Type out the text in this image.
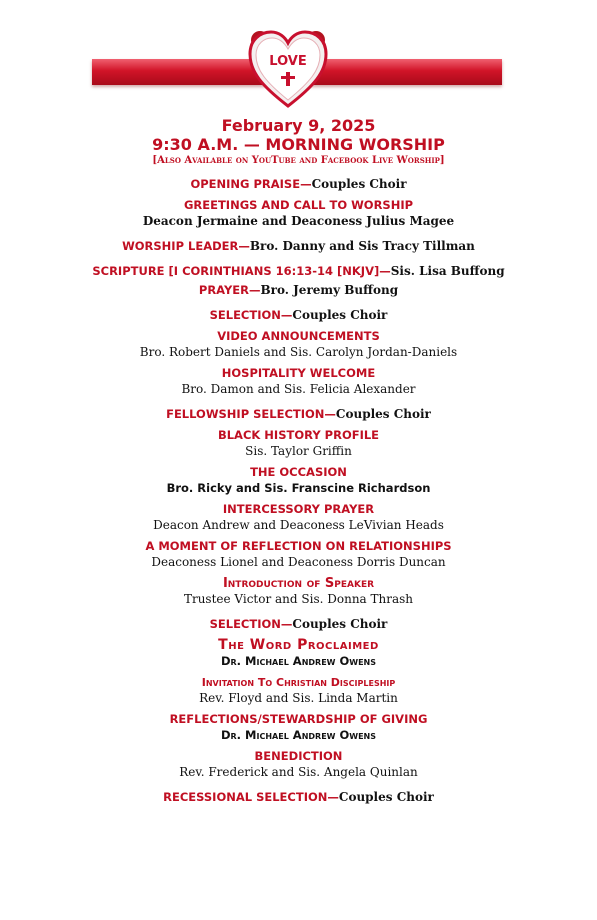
LOVE
February 9, 2025
9:30 A.M. — MORNING WORSHIP
[Also Available on YouTube and Facebook Live Worship]
OPENING PRAISE—Couples Choir
GREETINGS AND CALL TO WORSHIP
Deacon Jermaine and Deaconess Julius Magee
WORSHIP LEADER—Bro. Danny and Sis Tracy Tillman
SCRIPTURE [I CORINTHIANS 16:13-14 [NKJV]—Sis. Lisa Buffong
PRAYER—Bro. Jeremy Buffong
SELECTION—Couples Choir
VIDEO ANNOUNCEMENTS
Bro. Robert Daniels and Sis. Carolyn Jordan-Daniels
HOSPITALITY WELCOME
Bro. Damon and Sis. Felicia Alexander
FELLOWSHIP SELECTION—Couples Choir
BLACK HISTORY PROFILE
Sis. Taylor Griffin
THE OCCASION
Bro. Ricky and Sis. Franscine Richardson
INTERCESSORY PRAYER
Deacon Andrew and Deaconess LeVivian Heads
A MOMENT OF REFLECTION ON RELATIONSHIPS
Deaconess Lionel and Deaconess Dorris Duncan
Introduction of Speaker
Trustee Victor and Sis. Donna Thrash
SELECTION—Couples Choir
The Word Proclaimed
Dr. Michael Andrew Owens
Invitation To Christian Discipleship
Rev. Floyd and Sis. Linda Martin
REFLECTIONS/STEWARDSHIP OF GIVING
Dr. Michael Andrew Owens
BENEDICTION
Rev. Frederick and Sis. Angela Quinlan
RECESSIONAL SELECTION—Couples Choir
